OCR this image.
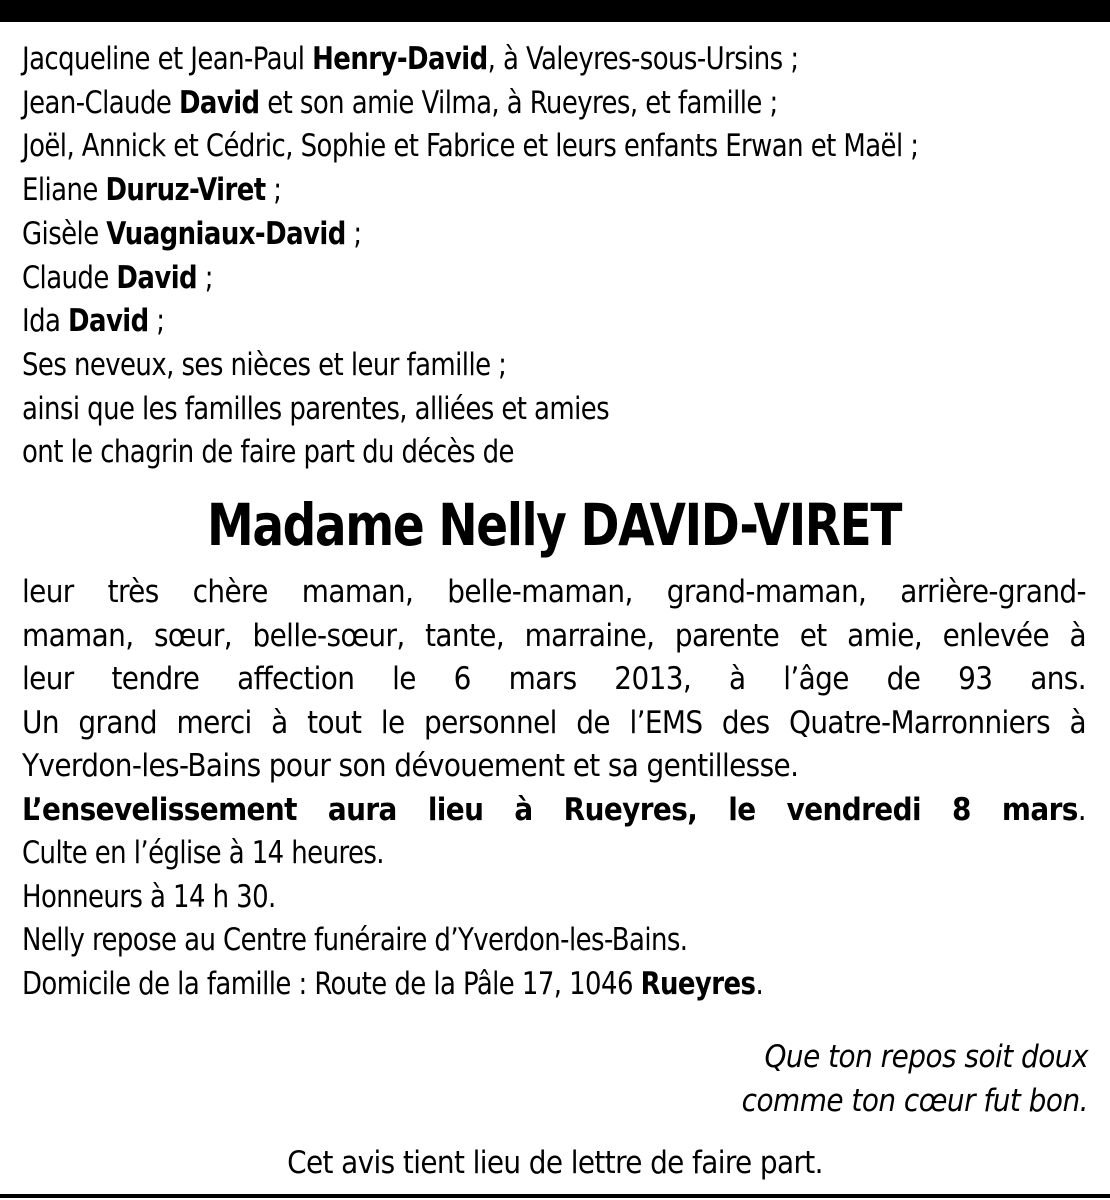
Jacqueline et Jean-Paul Henry-David, à Valeyres-sous-Ursins ;
Jean-Claude David et son amie Vilma, à Rueyres, et famille ;
Joël, Annick et Cédric, Sophie et Fabrice et leurs enfants Erwan et Maël ;
Eliane Duruz-Viret ;
Gisèle Vuagniaux-David ;
Claude David ;
Ida David ;
Ses neveux, ses nièces et leur famille ;
ainsi que les familles parentes, alliées et amies
ont le chagrin de faire part du décès de
Madame Nelly DAVID-VIRET
leur très chère maman, belle-maman, grand-maman, arrière-grand-
maman, sœur, belle-sœur, tante, marraine, parente et amie, enlevée à
leur tendre affection le 6 mars 2013, à l’âge de 93 ans.
Un grand merci à tout le personnel de l’EMS des Quatre-Marronniers à
Yverdon-les-Bains pour son dévouement et sa gentillesse.
L’ensevelissement aura lieu à Rueyres, le vendredi 8 mars.
Culte en l’église à 14 heures.
Honneurs à 14 h 30.
Nelly repose au Centre funéraire d’Yverdon-les-Bains.
Domicile de la famille : Route de la Pâle 17, 1046 Rueyres.
Que ton repos soit doux
comme ton cœur fut bon.
Cet avis tient lieu de lettre de faire part.
